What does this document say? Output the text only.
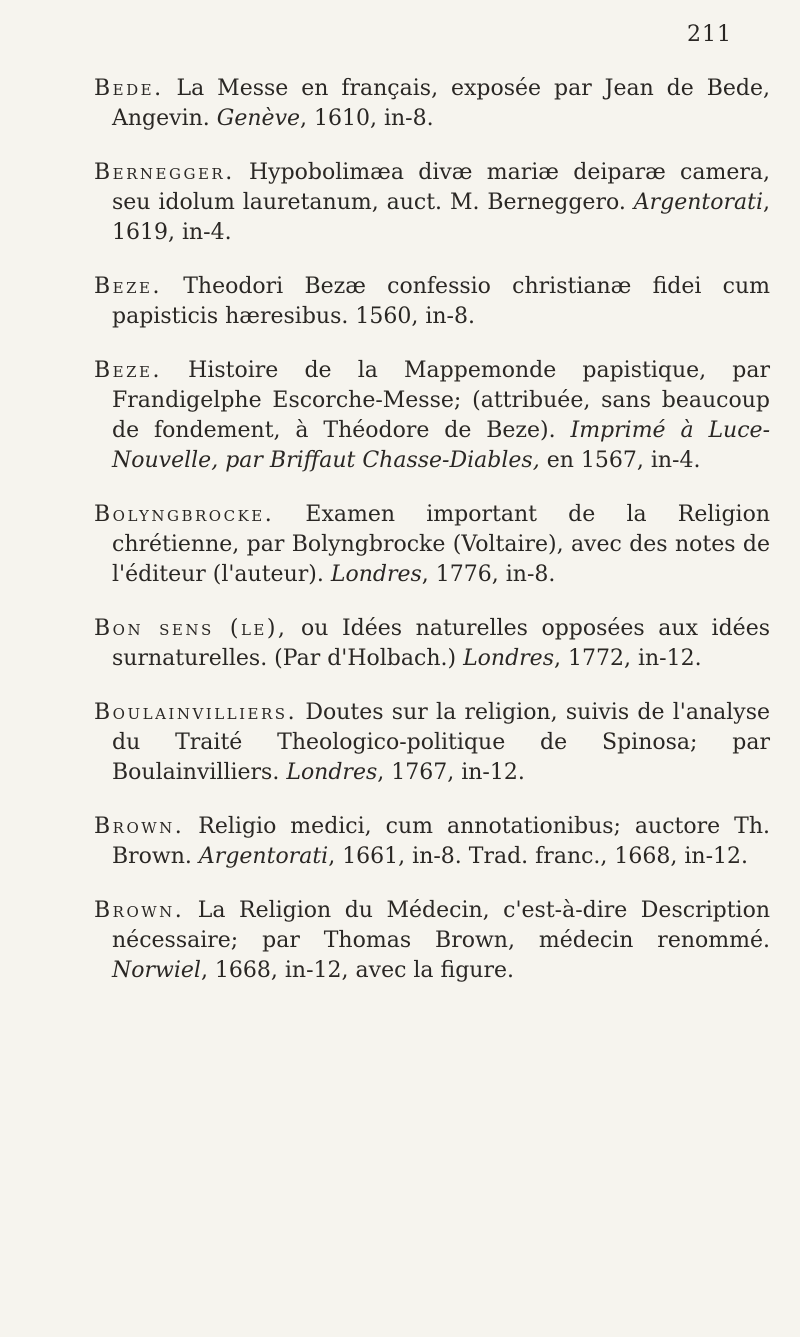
211

Bede. La Messe en français, exposée par Jean de Bede, Angevin. Genève, 1610, in-8.

Bernegger. Hypobolimæa divæ mariæ deiparæ camera, seu idolum lauretanum, auct. M. Berneggero. Argentorati, 1619, in-4.

Beze. Theodori Bezæ confessio christianæ fidei cum papisticis hæresibus. 1560, in-8.

Beze. Histoire de la Mappemonde papistique, par Frandigelphe Escorche-Messe; (attribuée, sans beaucoup de fondement, à Théodore de Beze). Imprimé à Luce-Nouvelle, par Briffaut Chasse-Diables, en 1567, in-4.

Bolyngbrocke. Examen important de la Religion chrétienne, par Bolyngbrocke (Voltaire), avec des notes de l'éditeur (l'auteur). Londres, 1776, in-8.

Bon sens (le), ou Idées naturelles opposées aux idées surnaturelles. (Par d'Holbach.) Londres, 1772, in-12.

Boulainvilliers. Doutes sur la religion, suivis de l'analyse du Traité Theologico-politique de Spinosa; par Boulainvilliers. Londres, 1767, in-12.

Brown. Religio medici, cum annotationibus; auctore Th. Brown. Argentorati, 1661, in-8. Trad. franc., 1668, in-12.

Brown. La Religion du Médecin, c'est-à-dire Description nécessaire; par Thomas Brown, médecin renommé. Norwiel, 1668, in-12, avec la figure.
